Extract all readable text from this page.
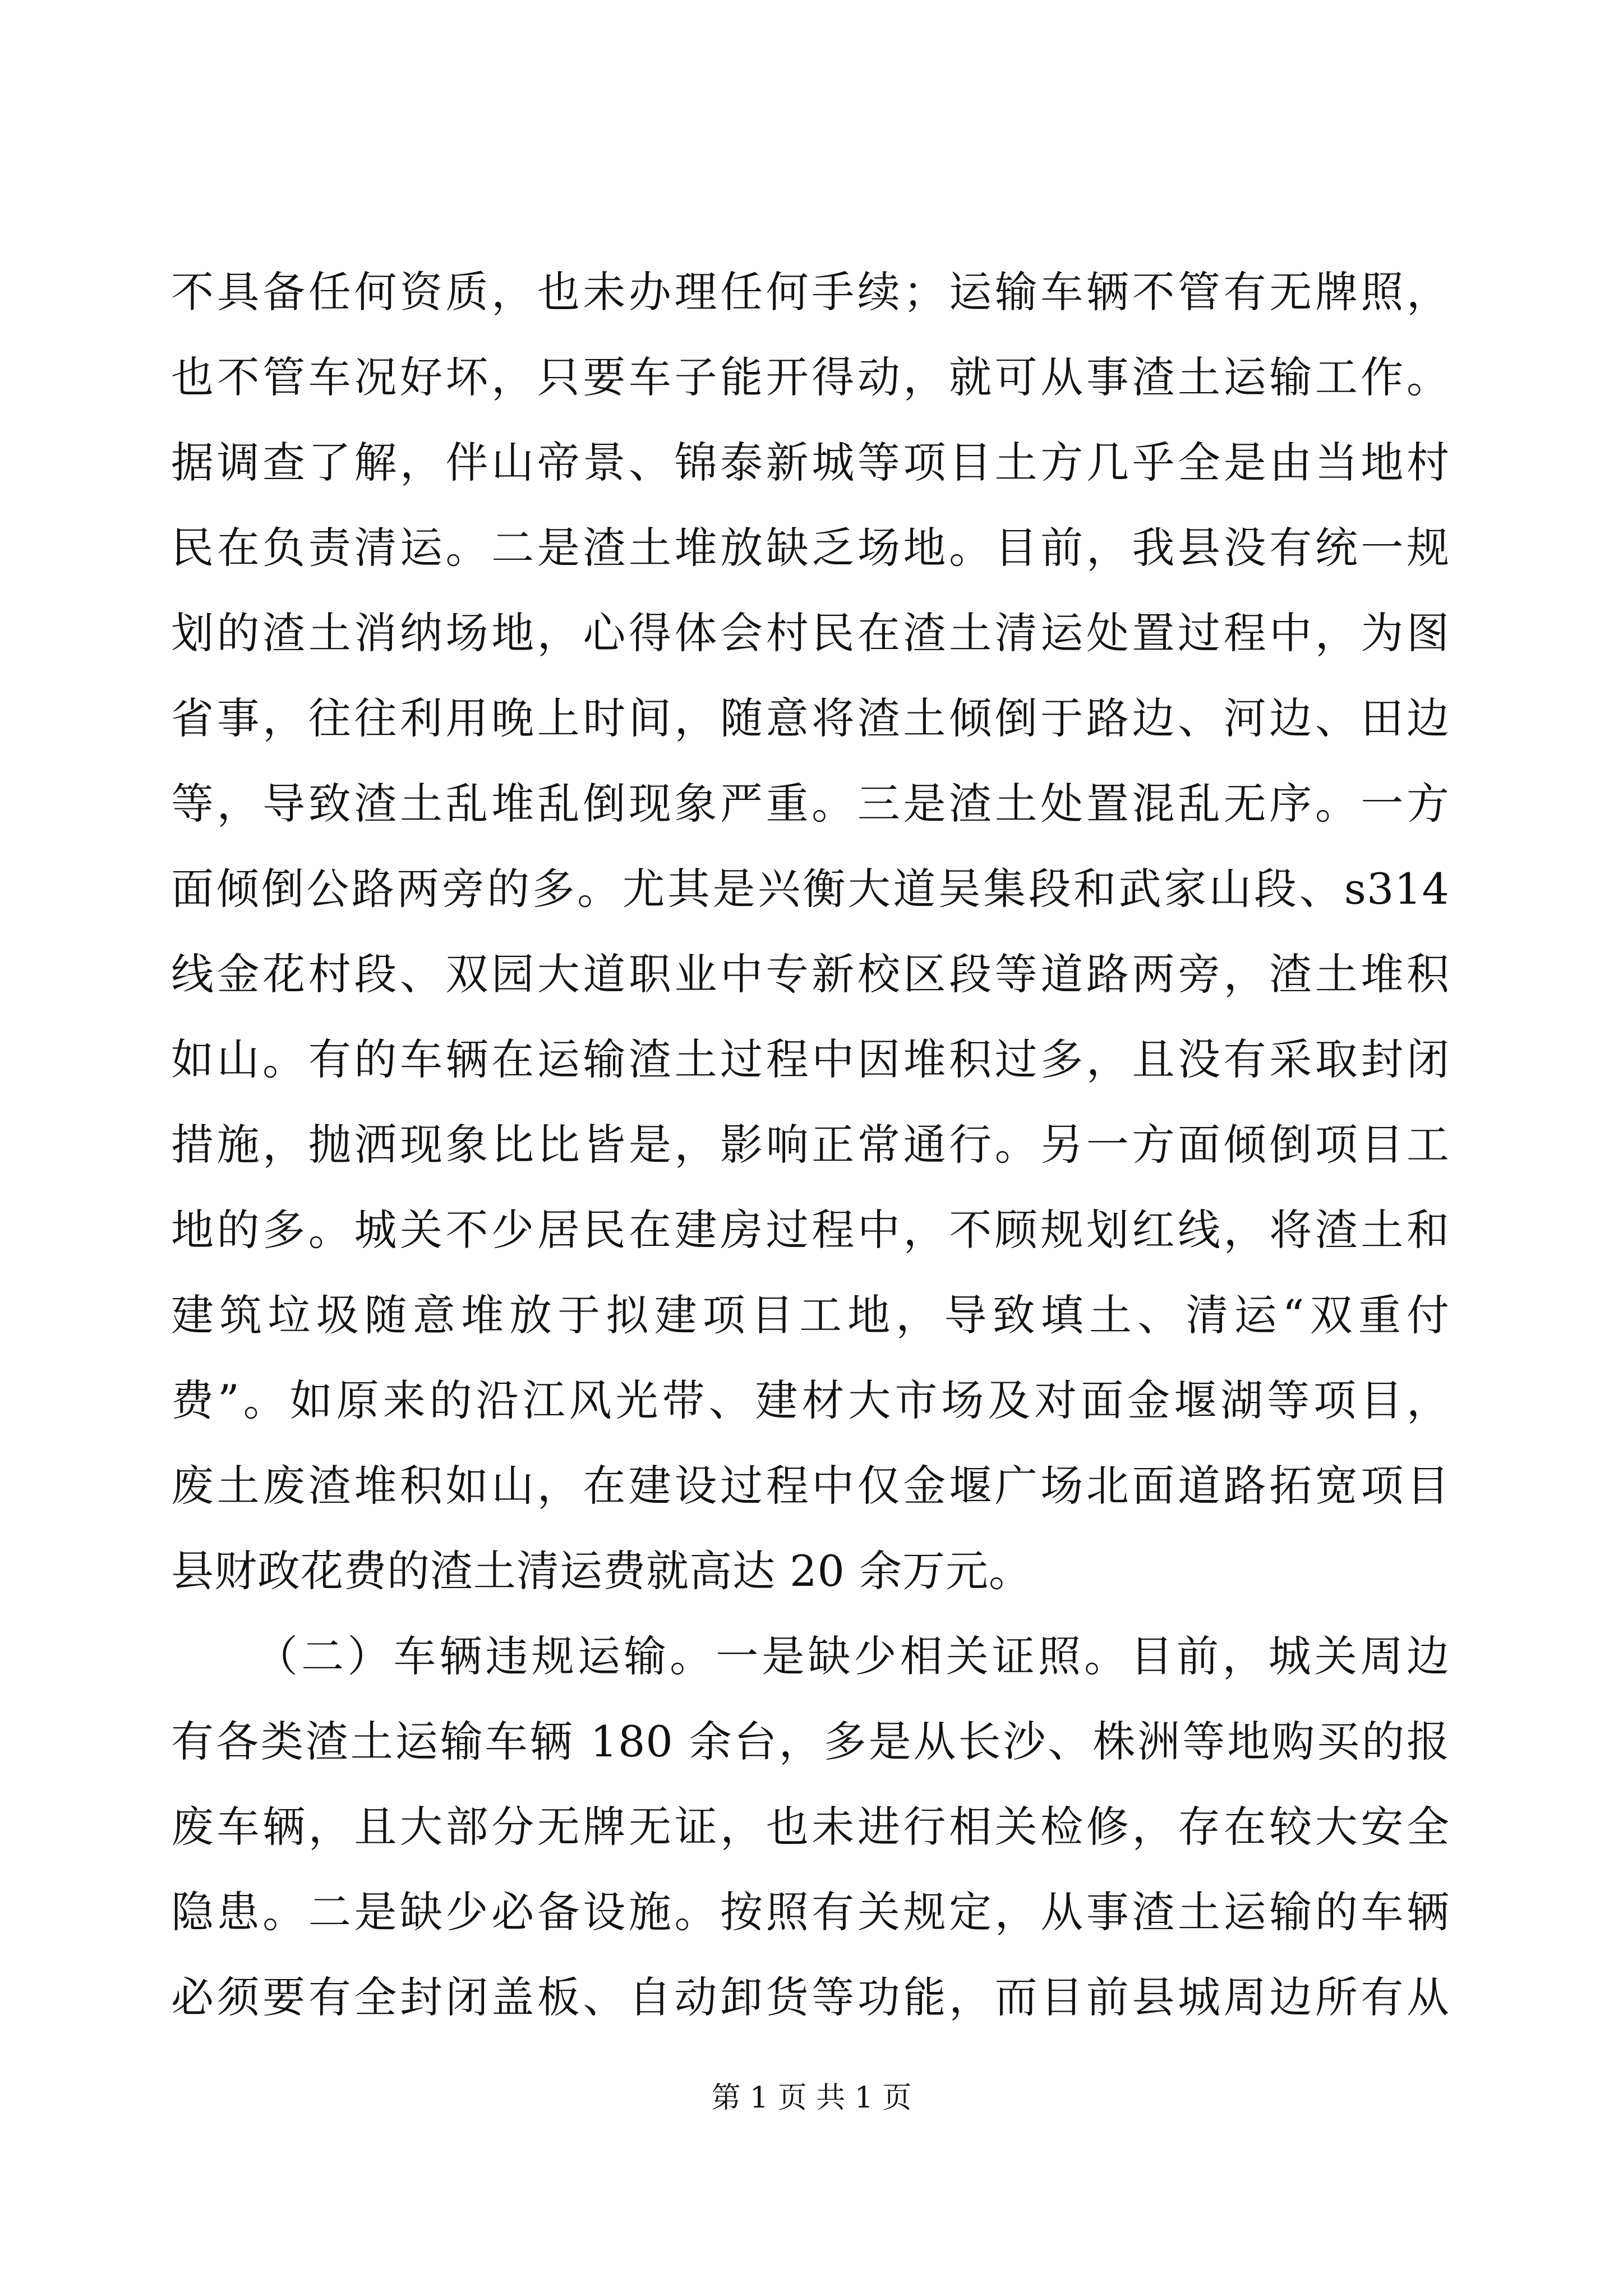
不具备任何资质，也未办理任何手续；运输车辆不管有无牌照，
也不管车况好坏，只要车子能开得动，就可从事渣土运输工作。
据调查了解，伴山帝景、锦泰新城等项目土方几乎全是由当地村
民在负责清运。二是渣土堆放缺乏场地。目前，我县没有统一规
划的渣土消纳场地，心得体会村民在渣土清运处置过程中，为图
省事，往往利用晚上时间，随意将渣土倾倒于路边、河边、田边
等，导致渣土乱堆乱倒现象严重。三是渣土处置混乱无序。一方
面倾倒公路两旁的多。尤其是兴衡大道吴集段和武家山段、s314
线金花村段、双园大道职业中专新校区段等道路两旁，渣土堆积
如山。有的车辆在运输渣土过程中因堆积过多，且没有采取封闭
措施，抛洒现象比比皆是，影响正常通行。另一方面倾倒项目工
地的多。城关不少居民在建房过程中，不顾规划红线，将渣土和
建筑垃圾随意堆放于拟建项目工地，导致填土、清运“双重付
费”。如原来的沿江风光带、建材大市场及对面金堰湖等项目，
废土废渣堆积如山，在建设过程中仅金堰广场北面道路拓宽项目
县财政花费的渣土清运费就高达 20 余万元。
（二）车辆违规运输。一是缺少相关证照。目前，城关周边
有各类渣土运输车辆 180 余台，多是从长沙、株洲等地购买的报
废车辆，且大部分无牌无证，也未进行相关检修，存在较大安全
隐患。二是缺少必备设施。按照有关规定，从事渣土运输的车辆
必须要有全封闭盖板、自动卸货等功能，而目前县城周边所有从
第 1 页 共 1 页
